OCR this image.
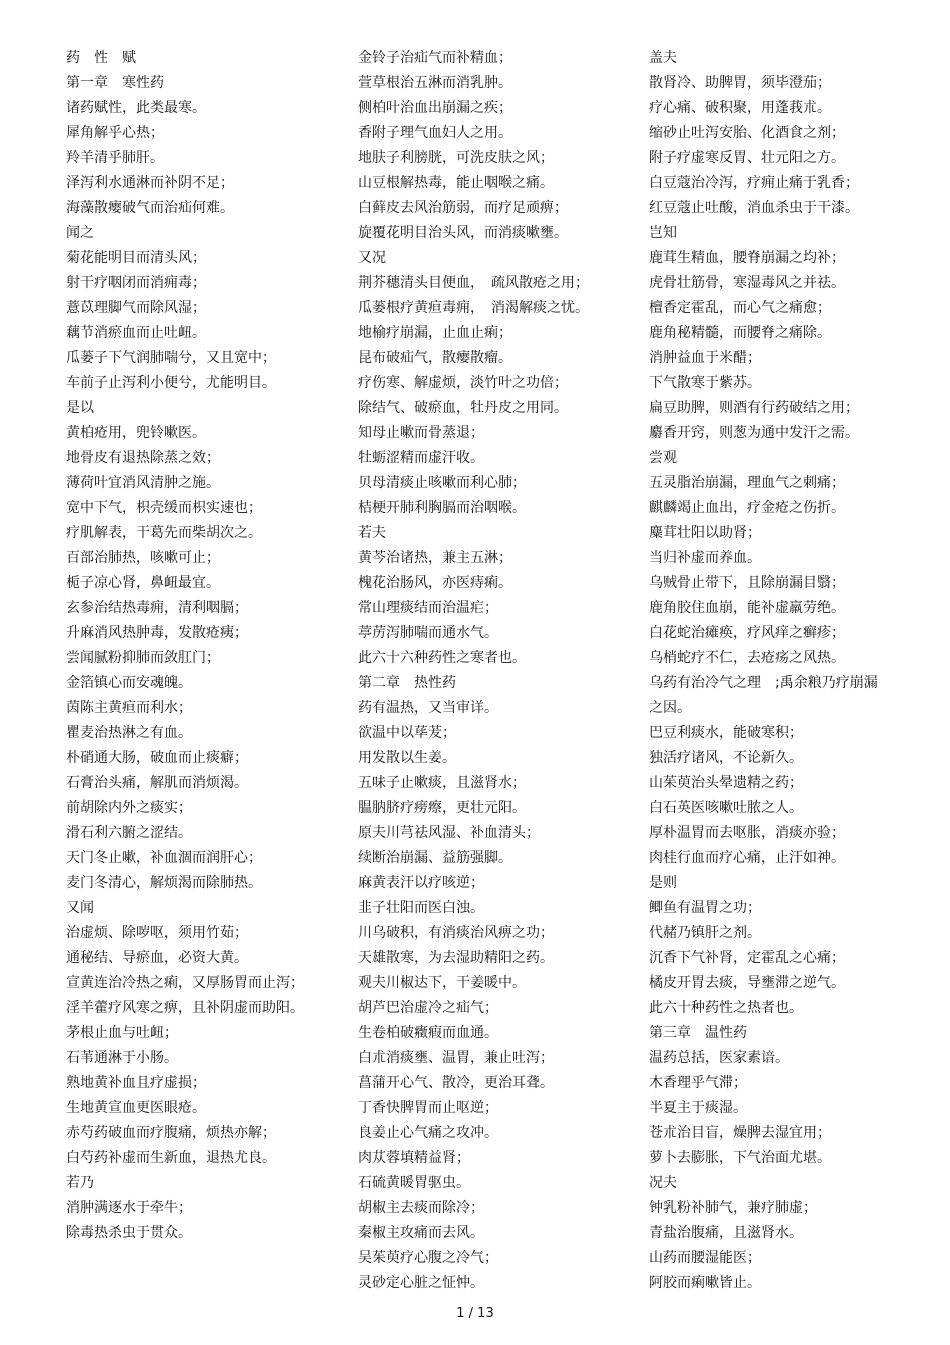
药　性　赋

第一章　寒性药

诸药赋性，此类最寒。

犀角解乎心热；

羚羊清乎肺肝。

泽泻利水通淋而补阴不足；

海藻散瘿破气而治疝何难。

闻之

菊花能明目而清头风；

射干疗咽闭而消痈毒；

薏苡理脚气而除风湿；

藕节消瘀血而止吐衄。

瓜蒌子下气润肺喘兮，又且宽中；

车前子止泻利小便兮，尤能明目。

是以

黄柏疮用，兜铃嗽医。

地骨皮有退热除蒸之效；

薄荷叶宜消风清肿之施。

宽中下气，枳壳缓而枳实速也；

疗肌解表，干葛先而柴胡次之。

百部治肺热，咳嗽可止；

栀子凉心肾，鼻衄最宜。

玄参治结热毒痈，清利咽膈；

升麻消风热肿毒，发散疮痍；

尝闻腻粉抑肺而敛肛门；

金箔镇心而安魂魄。

茵陈主黄疸而利水；

瞿麦治热淋之有血。

朴硝通大肠，破血而止痰癖；

石膏治头痛，解肌而消烦渴。

前胡除内外之痰实；

滑石利六腑之涩结。

天门冬止嗽，补血涸而润肝心；

麦门冬清心，解烦渴而除肺热。

又闻

治虚烦、除哕呕，须用竹茹；

通秘结、导瘀血，必资大黄。

宣黄连治冷热之痢，又厚肠胃而止泻；

淫羊藿疗风寒之痹，且补阴虚而助阳。

茅根止血与吐衄；

石苇通淋于小肠。

熟地黄补血且疗虚损；

生地黄宣血更医眼疮。

赤芍药破血而疗腹痛，烦热亦解；

白芍药补虚而生新血，退热尤良。

若乃

消肿满逐水于牵牛；

除毒热杀虫于贯众。

金铃子治疝气而补精血；

萱草根治五淋而消乳肿。

侧柏叶治血出崩漏之疾；

香附子理气血妇人之用。

地肤子利膀胱，可洗皮肤之风；

山豆根解热毒，能止咽喉之痛。

白藓皮去风治筋弱，而疗足顽痹；

旋覆花明目治头风，而消痰嗽壅。

又况

荆芥穗清头目便血，　疏风散疮之用；

瓜蒌根疗黄疸毒痈，　消渴解痰之忧。

地榆疗崩漏，止血止痢；

昆布破疝气，散瘿散瘤。

疗伤寒、解虚烦，淡竹叶之功倍；

除结气、破瘀血，牡丹皮之用同。

知母止嗽而骨蒸退；

牡蛎涩精而虚汗收。

贝母清痰止咳嗽而利心肺；

桔梗开肺利胸膈而治咽喉。

若夫

黄芩治诸热，兼主五淋；

槐花治肠风，亦医痔痢。

常山理痰结而治温疟；

葶苈泻肺喘而通水气。

此六十六种药性之寒者也。

第二章　热性药

药有温热，又当审详。

欲温中以荜茇；

用发散以生姜。

五味子止嗽痰，且滋肾水；

腽肭脐疗痨瘵，更壮元阳。

原夫川芎祛风湿、补血清头；

续断治崩漏、益筋强脚。

麻黄表汗以疗咳逆；

韭子壮阳而医白浊。

川乌破积，有消痰治风痹之功；

天雄散寒，为去湿助精阳之药。

观夫川椒达下，干姜暖中。

胡芦巴治虚冷之疝气；

生卷柏破癥瘕而血通。

白朮消痰壅、温胃，兼止吐泻；

菖蒲开心气、散冷，更治耳聋。

丁香快脾胃而止呕逆；

良姜止心气痛之攻冲。

肉苁蓉填精益肾；

石硫黄暖胃驱虫。

胡椒主去痰而除冷；

秦椒主攻痛而去风。

吴茱萸疗心腹之冷气；

灵砂定心脏之怔忡。

盖夫

散肾冷、助脾胃，须毕澄茄；

疗心痛、破积聚，用蓬莪朮。

缩砂止吐泻安胎、化酒食之剂；

附子疗虚寒反胃、壮元阳之方。

白豆蔻治冷泻，疗痈止痛于乳香；

红豆蔻止吐酸，消血杀虫于干漆。

岂知

鹿茸生精血，腰脊崩漏之均补；

虎骨壮筋骨，寒湿毒风之并祛。

檀香定霍乱，而心气之痛愈；

鹿角秘精髓，而腰脊之痛除。

消肿益血于米醋；

下气散寒于紫苏。

扁豆助脾，则酒有行药破结之用；

麝香开窍，则葱为通中发汗之需。

尝观

五灵脂治崩漏，理血气之刺痛；

麒麟竭止血出，疗金疮之伤折。

麋茸壮阳以助肾；

当归补虚而养血。

乌贼骨止带下，且除崩漏目翳；

鹿角胶住血崩，能补虚羸劳绝。

白花蛇治瘫痪，疗风痒之癣疹；

乌梢蛇疗不仁，去疮疡之风热。

乌药有治冷气之理　;禹余粮乃疗崩漏之因。

巴豆利痰水，能破寒积；

独活疗诸风，不论新久。

山茱萸治头晕遗精之药；

白石英医咳嗽吐脓之人。

厚朴温胃而去呕胀，消痰亦验；

肉桂行血而疗心痛，止汗如神。

是则

鲫鱼有温胃之功；

代赭乃镇肝之剂。

沉香下气补肾，定霍乱之心痛；

橘皮开胃去痰，导壅滞之逆气。

此六十种药性之热者也。

第三章　温性药

温药总括，医家素谙。

木香理乎气滞；

半夏主于痰湿。

苍朮治目盲，燥脾去湿宜用；

萝卜去膨胀，下气治面尤堪。

况夫

钟乳粉补肺气，兼疗肺虚；

青盐治腹痛，且滋肾水。

山药而腰湿能医；

阿胶而痢嗽皆止。

1 / 13
